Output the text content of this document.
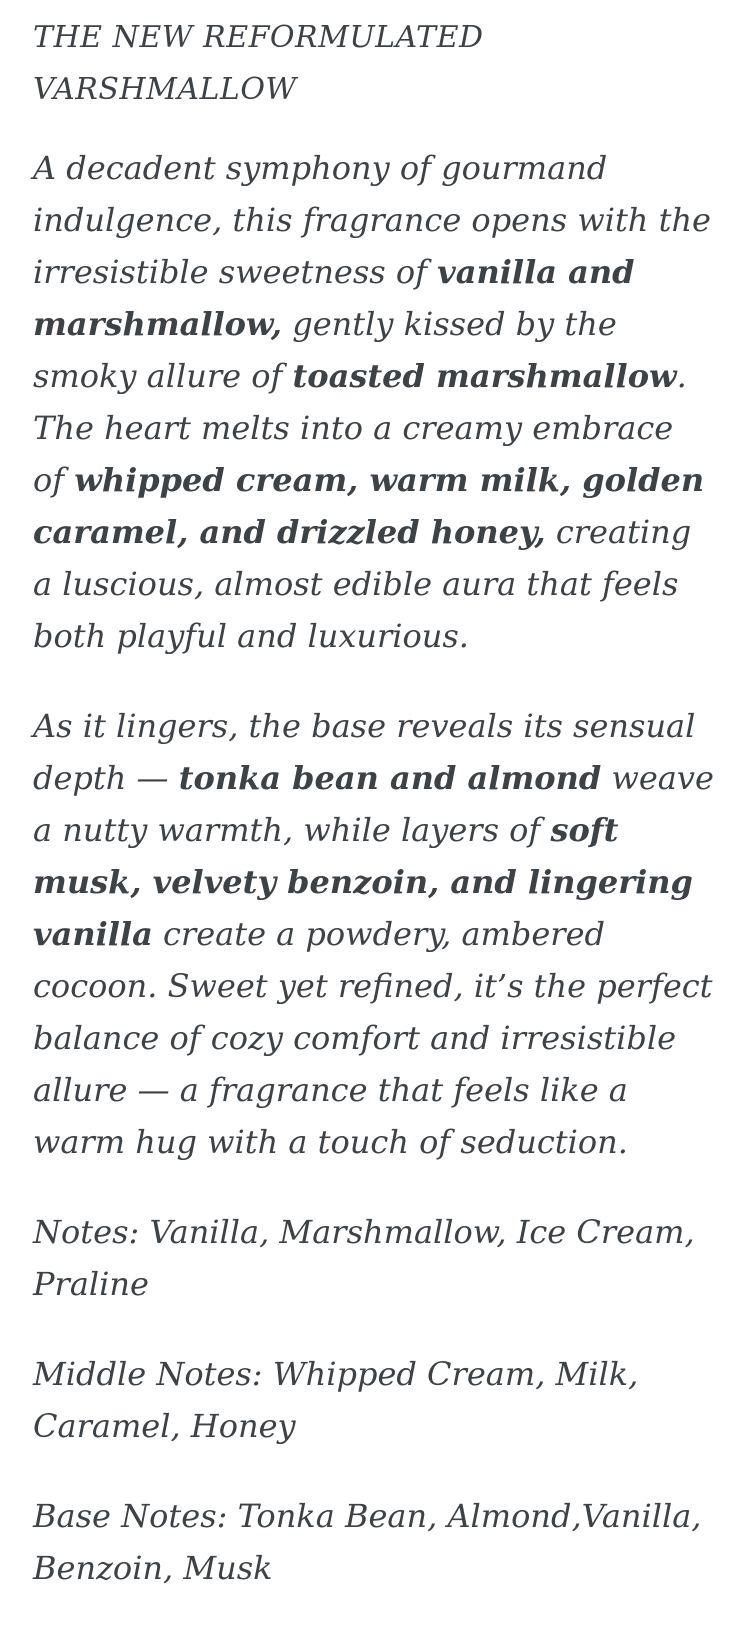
THE NEW REFORMULATED VARSHMALLOW

A decadent symphony of gourmand indulgence, this fragrance opens with the irresistible sweetness of vanilla and marshmallow, gently kissed by the smoky allure of toasted marshmallow. The heart melts into a creamy embrace of whipped cream, warm milk, golden caramel, and drizzled honey, creating a luscious, almost edible aura that feels both playful and luxurious.

As it lingers, the base reveals its sensual depth — tonka bean and almond weave a nutty warmth, while layers of soft musk, velvety benzoin, and lingering vanilla create a powdery, ambered cocoon. Sweet yet refined, it’s the perfect balance of cozy comfort and irresistible allure — a fragrance that feels like a warm hug with a touch of seduction.

Notes: Vanilla, Marshmallow, Ice Cream, Praline

Middle Notes: Whipped Cream, Milk, Caramel, Honey

Base Notes: Tonka Bean, Almond,Vanilla, Benzoin, Musk
